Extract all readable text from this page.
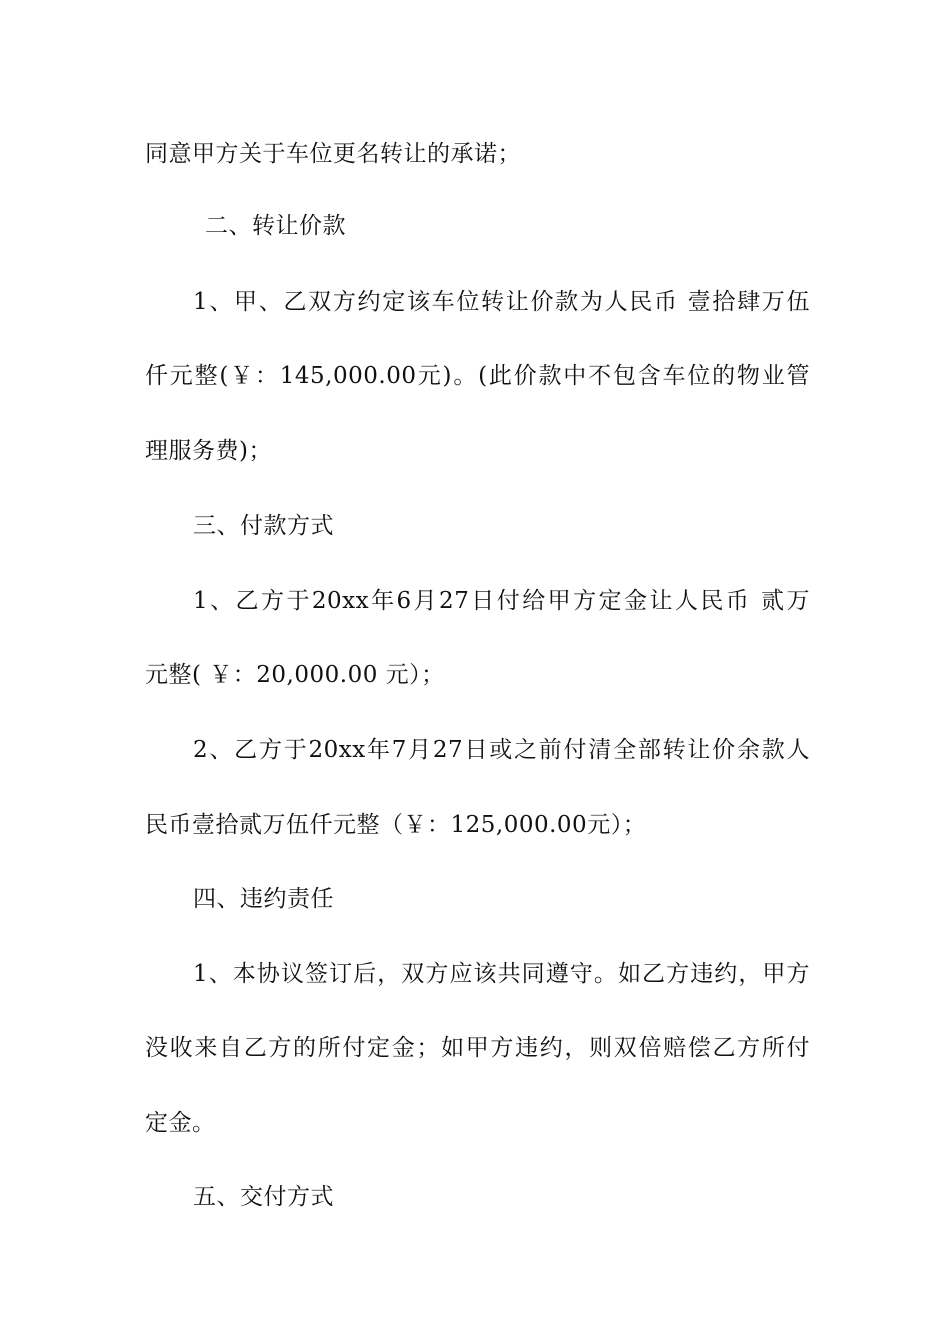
同意甲方关于车位更名转让的承诺；
二、转让价款
1、甲、乙双方约定该车位转让价款为人民币 壹拾肆万伍
仟元整(￥：145,000.00元)。(此价款中不包含车位的物业管
理服务费)；
三、付款方式
1、乙方于20xx年6月27日付给甲方定金让人民币 贰万
元整( ￥：20,000.00 元）；
2、乙方于20xx年7月27日或之前付清全部转让价余款人
民币壹拾贰万伍仟元整（￥：125,000.00元）；
四、违约责任
1、本协议签订后，双方应该共同遵守。如乙方违约，甲方
没收来自乙方的所付定金；如甲方违约，则双倍赔偿乙方所付
定金。
五、交付方式
